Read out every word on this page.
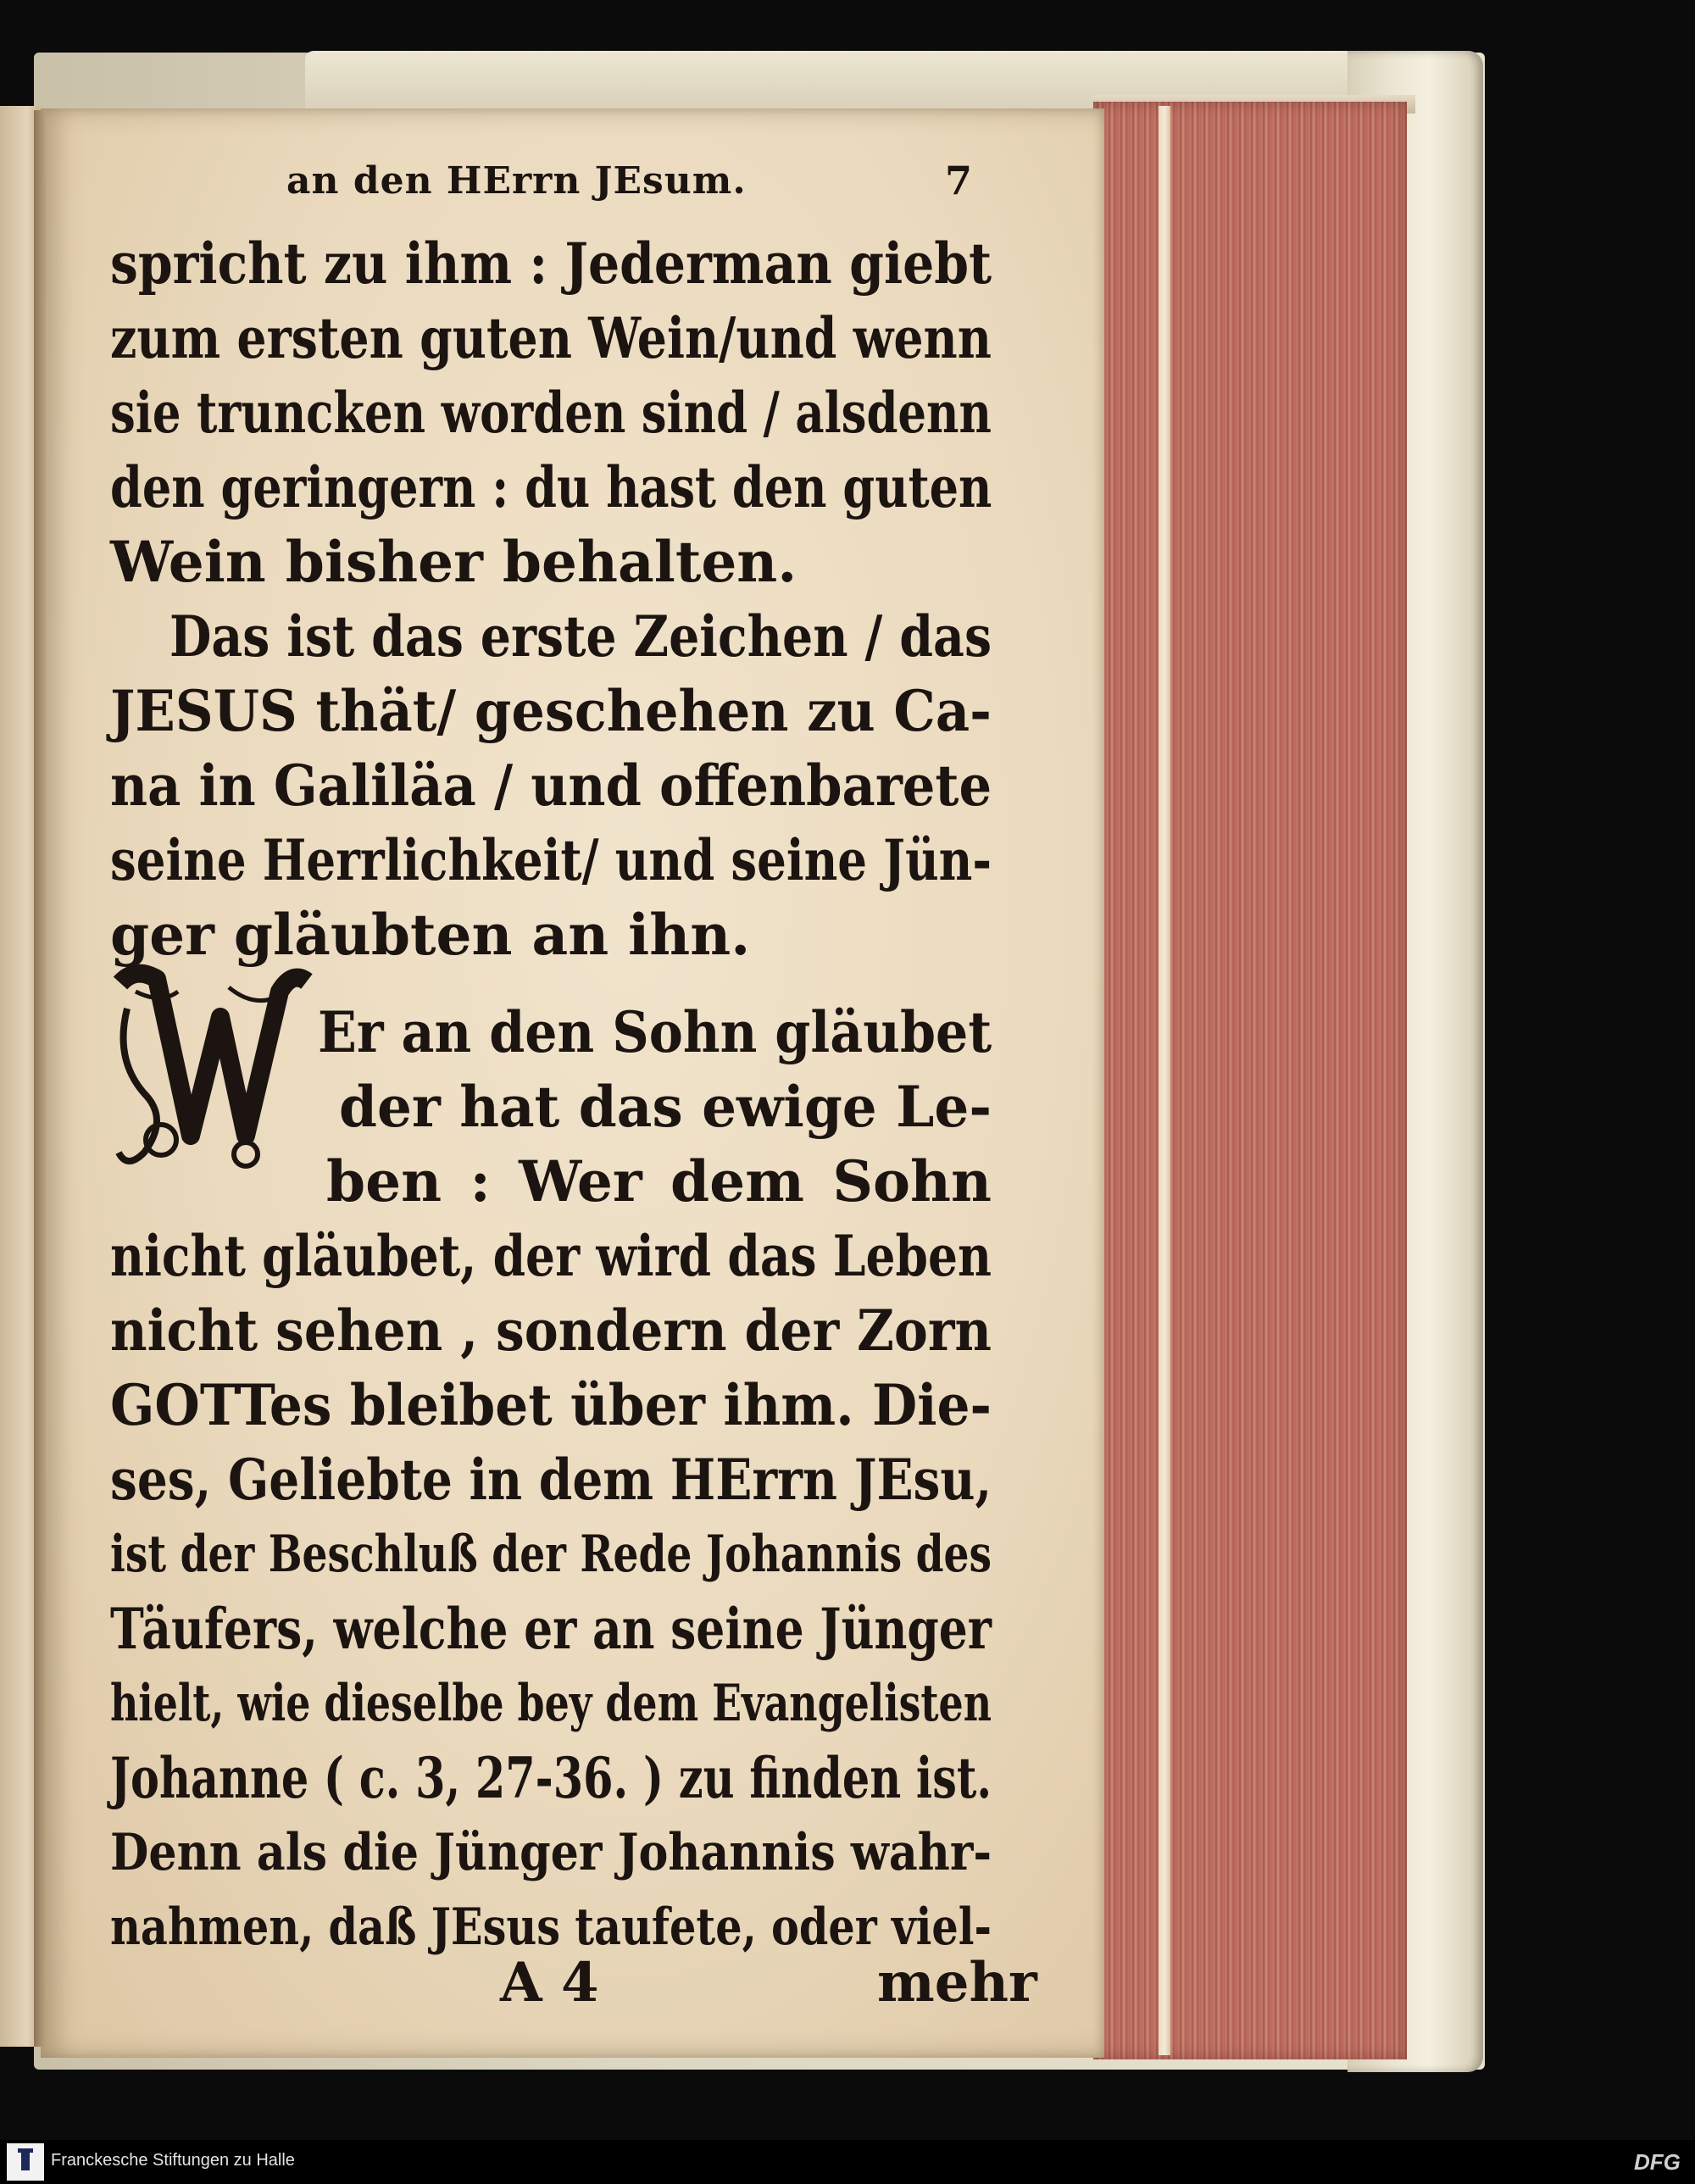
an den HErrn JEsum.	7
spricht zu ihm : Jederman giebt
zum ersten guten Wein/und wenn
sie truncken worden sind / alsdenn
den geringern : du hast den guten
Wein bisher behalten.
Das ist das erste Zeichen / das
JESUS thät/ geschehen zu Ca-
na in Galiläa / und offenbarete
seine Herrlichkeit/ und seine Jün-
ger gläubten an ihn.
Er an den Sohn gläubet
der hat das ewige Le-
ben : Wer dem Sohn
nicht gläubet, der wird das Leben
nicht sehen , sondern der Zorn
GOTTes bleibet über ihm. Die-
ses, Geliebte in dem HErrn JEsu,
ist der Beschluß der Rede Johannis des
Täufers, welche er an seine Jünger
hielt, wie dieselbe bey dem Evangelisten
Johanne ( c. 3, 27-36. ) zu finden ist.
Denn als die Jünger Johannis wahr-
nahmen, daß JEsus taufete, oder viel-
A 4	mehr
Franckesche Stiftungen zu Halle	DFG
